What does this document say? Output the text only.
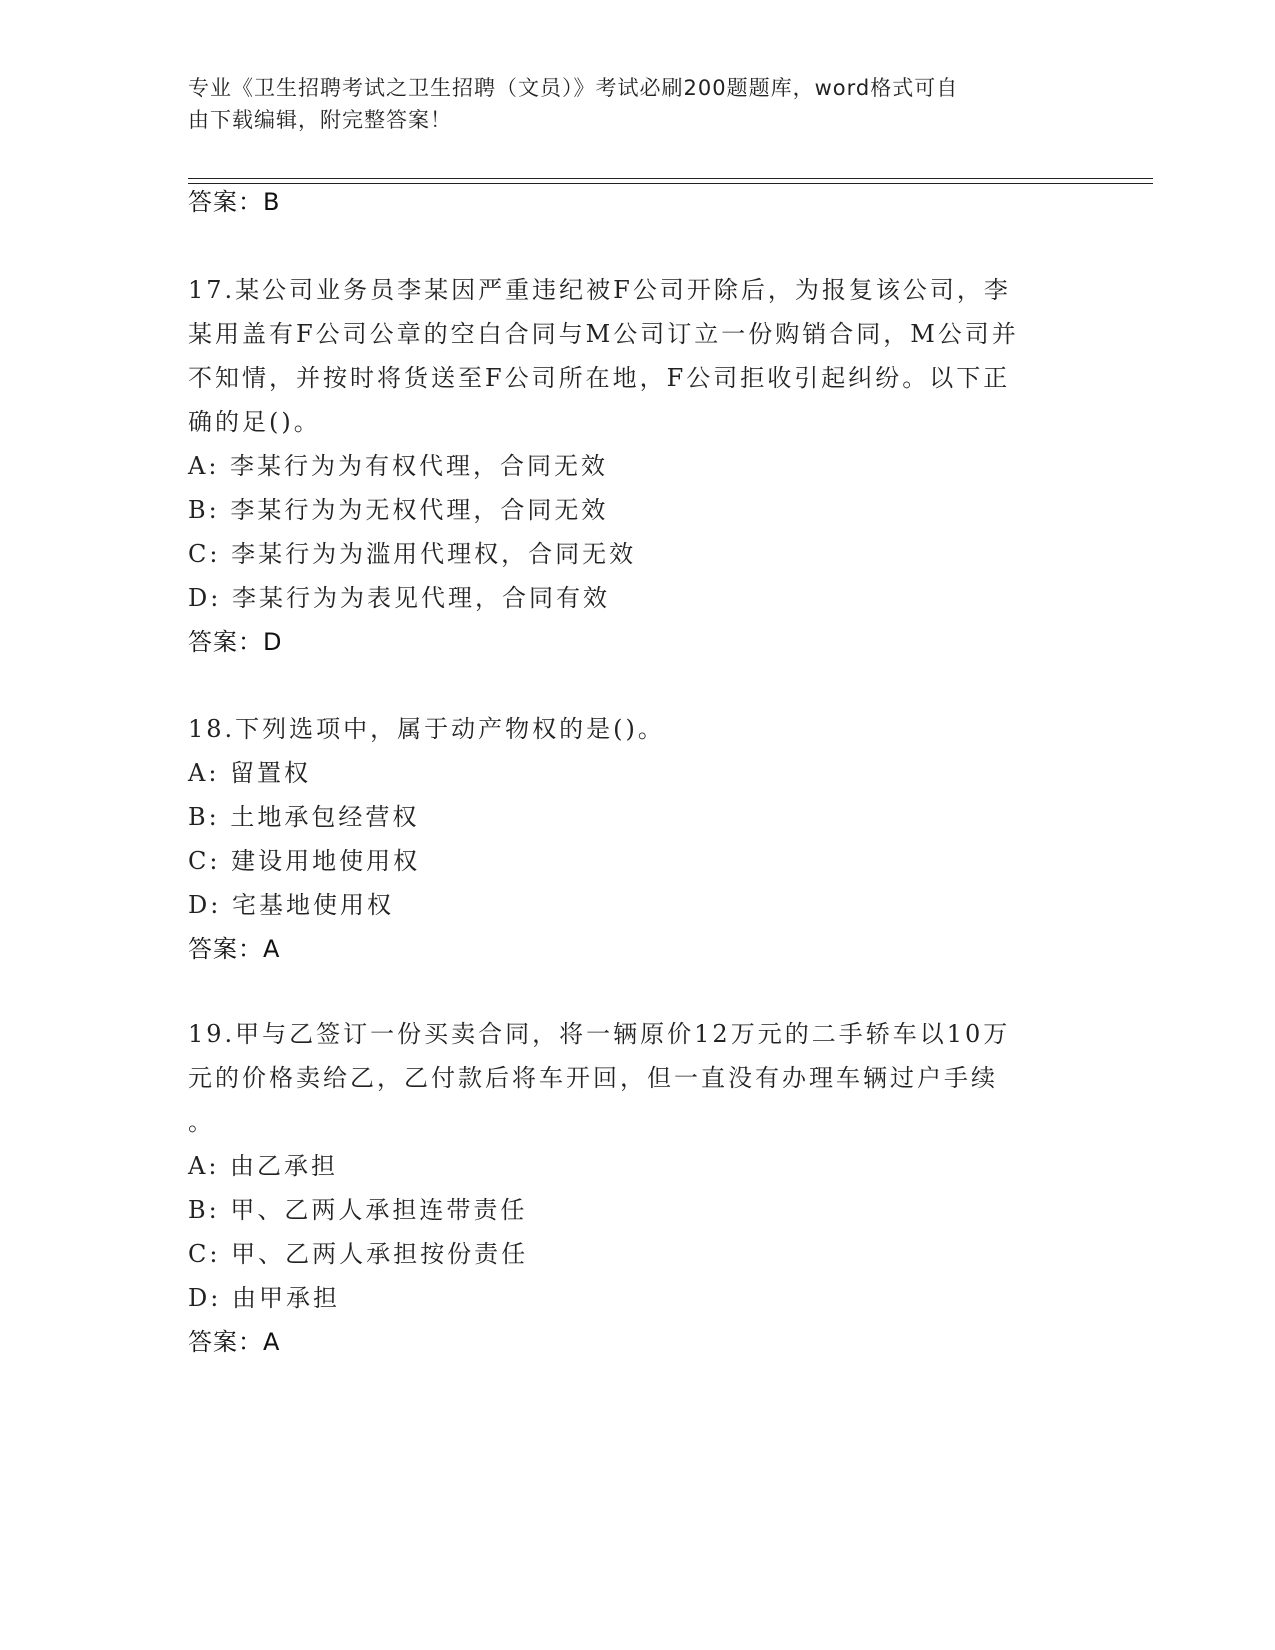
专业《卫生招聘考试之卫生招聘（文员）》考试必刷200题题库，word格式可自
由下载编辑，附完整答案！
答案：B
17.某公司业务员李某因严重违纪被F公司开除后，为报复该公司，李
某用盖有F公司公章的空白合同与M公司订立一份购销合同，M公司并
不知情，并按时将货送至F公司所在地，F公司拒收引起纠纷。以下正
确的足()。
A: 李某行为为有权代理，合同无效
B: 李某行为为无权代理，合同无效
C: 李某行为为滥用代理权，合同无效
D: 李某行为为表见代理，合同有效
答案：D
18.下列选项中，属于动产物权的是()。
A: 留置权
B: 土地承包经营权
C: 建设用地使用权
D: 宅基地使用权
答案：A
19.甲与乙签订一份买卖合同，将一辆原价12万元的二手轿车以10万
元的价格卖给乙，乙付款后将车开回，但一直没有办理车辆过户手续
。
A: 由乙承担
B: 甲、乙两人承担连带责任
C: 甲、乙两人承担按份责任
D: 由甲承担
答案：A
